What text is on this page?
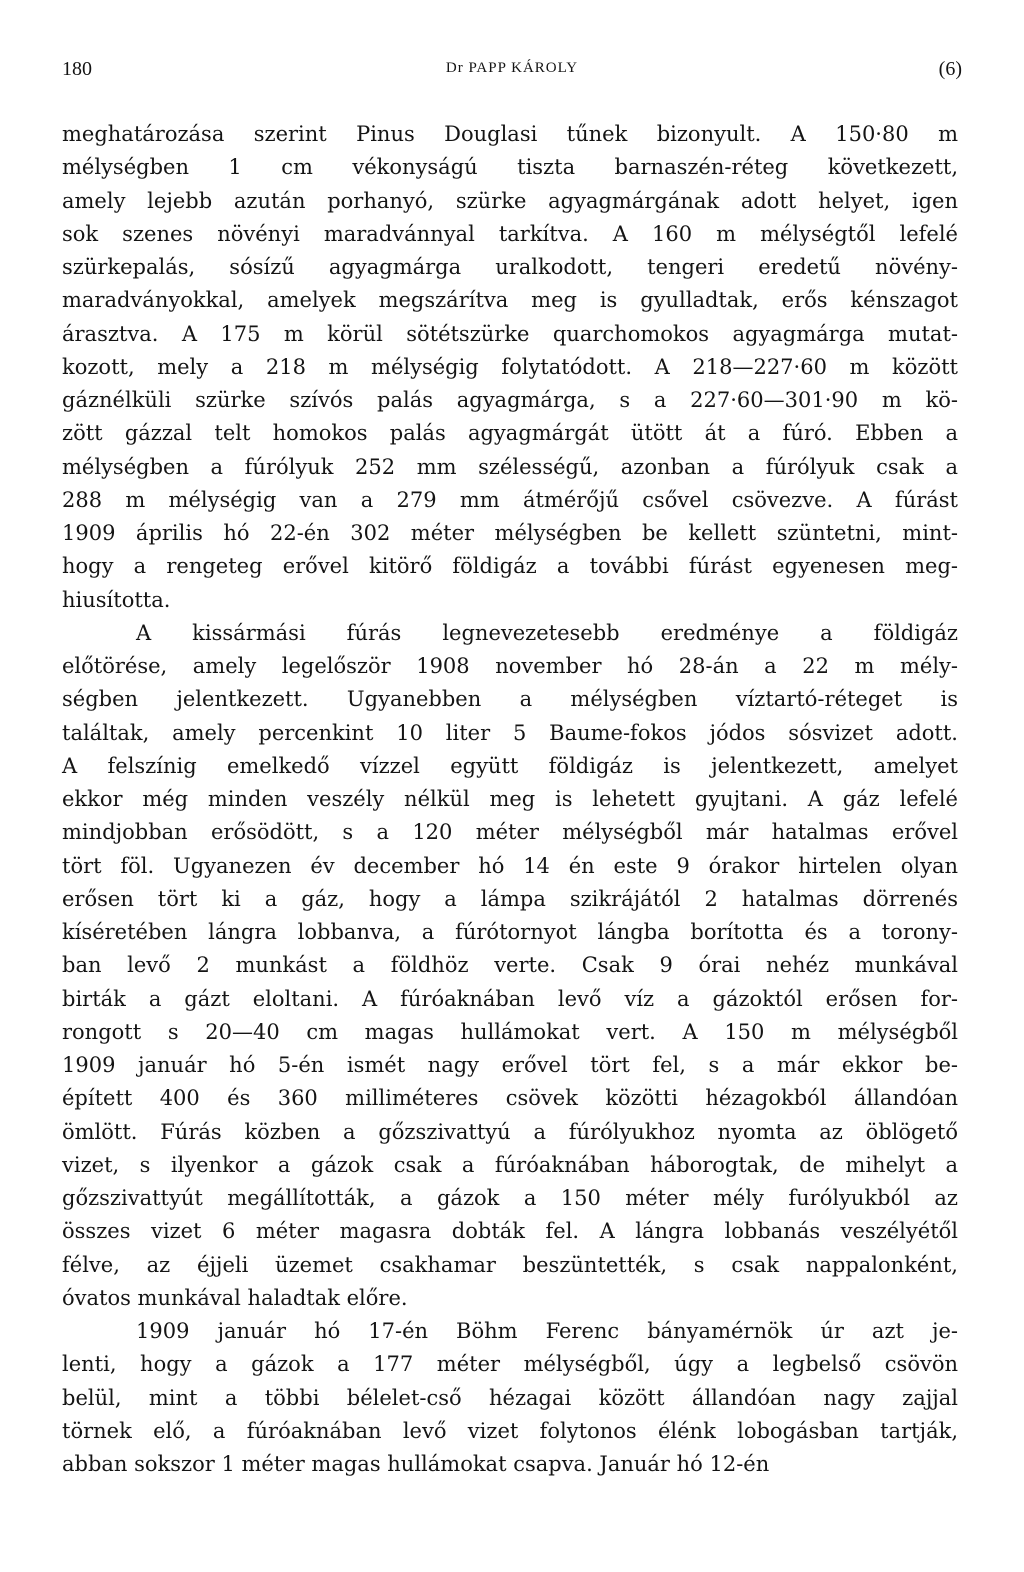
180	Dr PAPP KÁROLY	(6)
meghatározása szerint Pinus Douglasi tűnek bizonyult. A 150·80 m
mélységben 1 cm vékonyságú tiszta barnaszén-réteg következett,
amely lejebb azután porhanyó, szürke agyagmárgának adott helyet, igen
sok szenes növényi maradvánnyal tarkítva. A 160 m mélységtől lefelé
szürkepalás, sósízű agyagmárga uralkodott, tengeri eredetű növény-
maradványokkal, amelyek megszárítva meg is gyulladtak, erős kénszagot
árasztva. A 175 m körül sötétszürke quarchomokos agyagmárga mutat-
kozott, mely a 218 m mélységig folytatódott. A 218—227·60 m között
gáznélküli szürke szívós palás agyagmárga, s a 227·60—301·90 m kö-
zött gázzal telt homokos palás agyagmárgát ütött át a fúró. Ebben a
mélységben a fúrólyuk 252 mm szélességű, azonban a fúrólyuk csak a
288 m mélységig van a 279 mm átmérőjű csővel csövezve. A fúrást
1909 április hó 22-én 302 méter mélységben be kellett szüntetni, mint-
hogy a rengeteg erővel kitörő földigáz a további fúrást egyenesen meg-
hiusította.
A kissármási fúrás legnevezetesebb eredménye a földigáz
előtörése, amely legelőször 1908 november hó 28-án a 22 m mély-
ségben jelentkezett. Ugyanebben a mélységben víztartó-réteget is
találtak, amely percenkint 10 liter 5 Baume-fokos jódos sósvizet adott.
A felszínig emelkedő vízzel együtt földigáz is jelentkezett, amelyet
ekkor még minden veszély nélkül meg is lehetett gyujtani. A gáz lefelé
mindjobban erősödött, s a 120 méter mélységből már hatalmas erővel
tört föl. Ugyanezen év december hó 14 én este 9 órakor hirtelen olyan
erősen tört ki a gáz, hogy a lámpa szikrájától 2 hatalmas dörrenés
kíséretében lángra lobbanva, a fúrótornyot lángba borította és a torony-
ban levő 2 munkást a földhöz verte. Csak 9 órai nehéz munkával
birták a gázt eloltani. A fúróaknában levő víz a gázoktól erősen for-
rongott s 20—40 cm magas hullámokat vert. A 150 m mélységből
1909 január hó 5-én ismét nagy erővel tört fel, s a már ekkor be-
épített 400 és 360 milliméteres csövek közötti hézagokból állandóan
ömlött. Fúrás közben a gőzszivattyú a fúrólyukhoz nyomta az öblögető
vizet, s ilyenkor a gázok csak a fúróaknában háborogtak, de mihelyt a
gőzszivattyút megállították, a gázok a 150 méter mély furólyukból az
összes vizet 6 méter magasra dobták fel. A lángra lobbanás veszélyétől
félve, az éjjeli üzemet csakhamar beszüntették, s csak nappalonként,
óvatos munkával haladtak előre.
1909 január hó 17-én Böhm Ferenc bányamérnök úr azt je-
lenti, hogy a gázok a 177 méter mélységből, úgy a legbelső csövön
belül, mint a többi bélelet-cső hézagai között állandóan nagy zajjal
törnek elő, a fúróaknában levő vizet folytonos élénk lobogásban tartják,
abban sokszor 1 méter magas hullámokat csapva. Január hó 12-én
